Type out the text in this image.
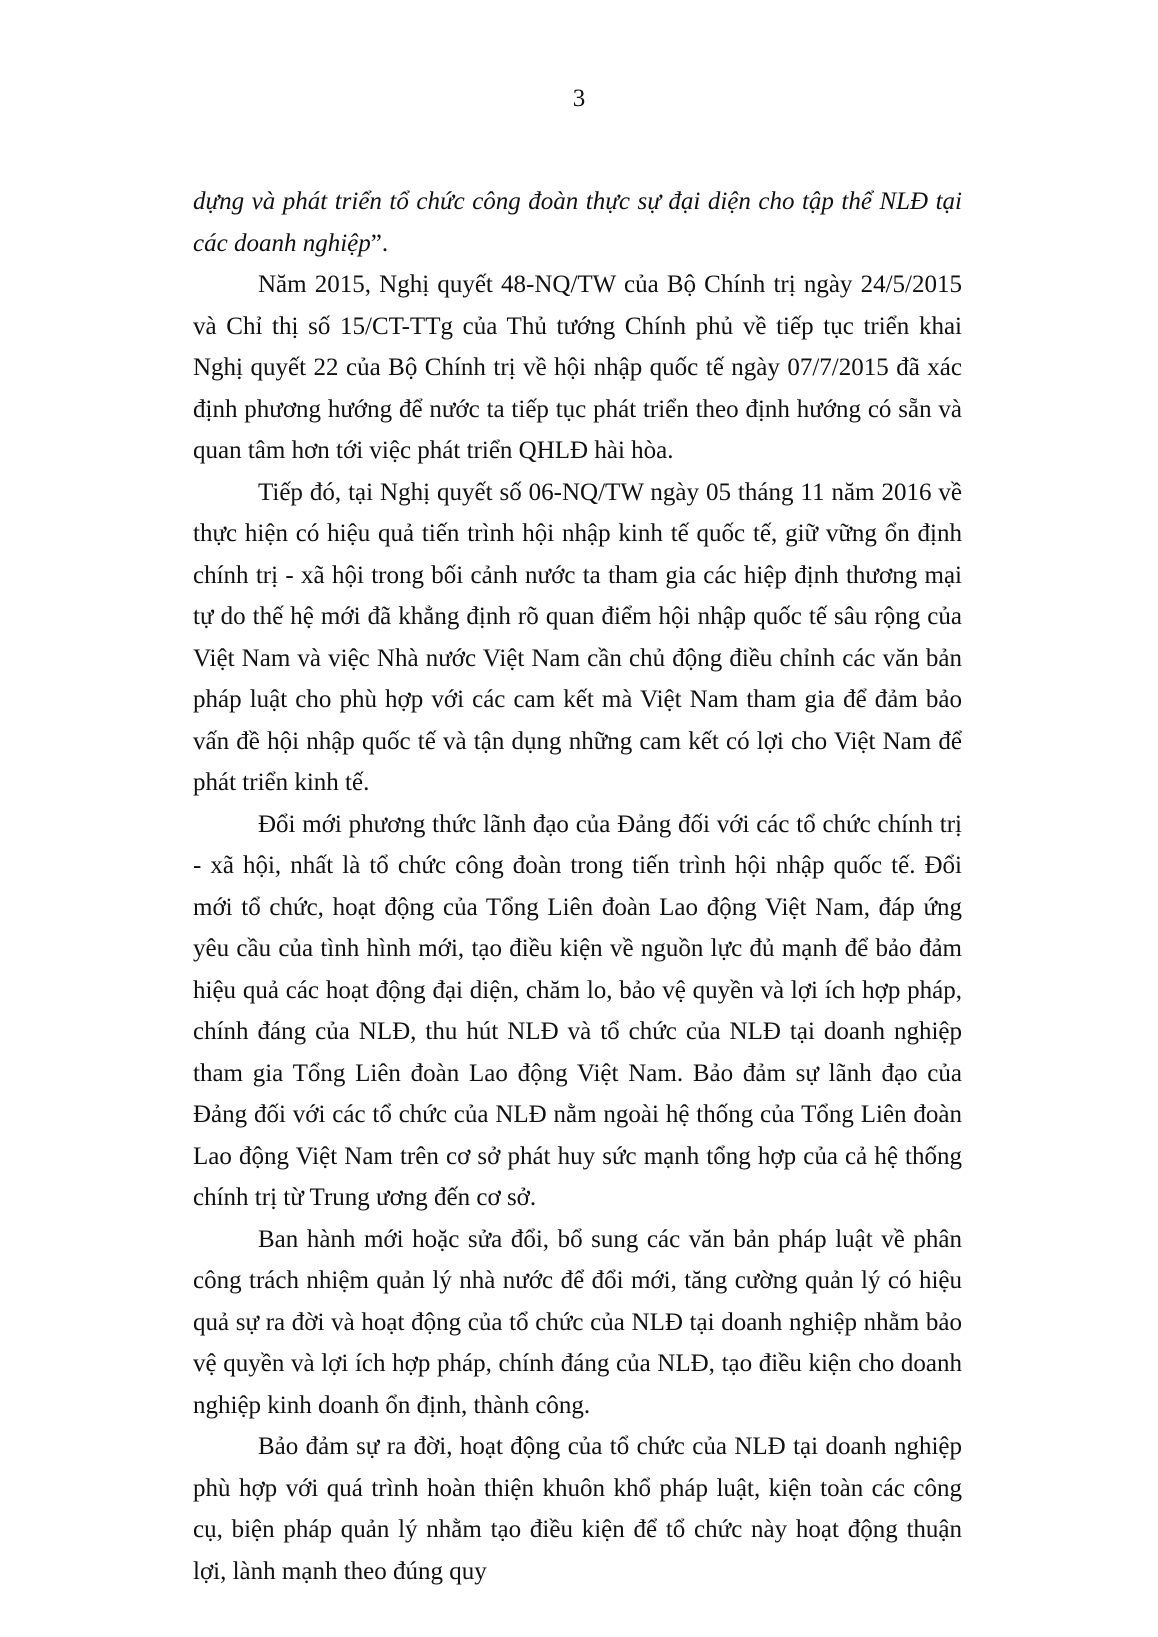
3

dựng và phát triển tổ chức công đoàn thực sự đại diện cho tập thể NLĐ tại các doanh nghiệp”.

Năm 2015, Nghị quyết 48-NQ/TW của Bộ Chính trị ngày 24/5/2015 và Chỉ thị số 15/CT-TTg của Thủ tướng Chính phủ về tiếp tục triển khai Nghị quyết 22 của Bộ Chính trị về hội nhập quốc tế ngày 07/7/2015 đã xác định phương hướng để nước ta tiếp tục phát triển theo định hướng có sẵn và quan tâm hơn tới việc phát triển QHLĐ hài hòa.

Tiếp đó, tại Nghị quyết số 06-NQ/TW ngày 05 tháng 11 năm 2016 về thực hiện có hiệu quả tiến trình hội nhập kinh tế quốc tế, giữ vững ổn định chính trị - xã hội trong bối cảnh nước ta tham gia các hiệp định thương mại tự do thế hệ mới đã khẳng định rõ quan điểm hội nhập quốc tế sâu rộng của Việt Nam và việc Nhà nước Việt Nam cần chủ động điều chỉnh các văn bản pháp luật cho phù hợp với các cam kết mà Việt Nam tham gia để đảm bảo vấn đề hội nhập quốc tế và tận dụng những cam kết có lợi cho Việt Nam để phát triển kinh tế.

Đổi mới phương thức lãnh đạo của Đảng đối với các tổ chức chính trị - xã hội, nhất là tổ chức công đoàn trong tiến trình hội nhập quốc tế. Đổi mới tổ chức, hoạt động của Tổng Liên đoàn Lao động Việt Nam, đáp ứng yêu cầu của tình hình mới, tạo điều kiện về nguồn lực đủ mạnh để bảo đảm hiệu quả các hoạt động đại diện, chăm lo, bảo vệ quyền và lợi ích hợp pháp, chính đáng của NLĐ, thu hút NLĐ và tổ chức của NLĐ tại doanh nghiệp tham gia Tổng Liên đoàn Lao động Việt Nam. Bảo đảm sự lãnh đạo của Đảng đối với các tổ chức của NLĐ nằm ngoài hệ thống của Tổng Liên đoàn Lao động Việt Nam trên cơ sở phát huy sức mạnh tổng hợp của cả hệ thống chính trị từ Trung ương đến cơ sở.

Ban hành mới hoặc sửa đổi, bổ sung các văn bản pháp luật về phân công trách nhiệm quản lý nhà nước để đổi mới, tăng cường quản lý có hiệu quả sự ra đời và hoạt động của tổ chức của NLĐ tại doanh nghiệp nhằm bảo vệ quyền và lợi ích hợp pháp, chính đáng của NLĐ, tạo điều kiện cho doanh nghiệp kinh doanh ổn định, thành công.

Bảo đảm sự ra đời, hoạt động của tổ chức của NLĐ tại doanh nghiệp phù hợp với quá trình hoàn thiện khuôn khổ pháp luật, kiện toàn các công cụ, biện pháp quản lý nhằm tạo điều kiện để tổ chức này hoạt động thuận lợi, lành mạnh theo đúng quy
